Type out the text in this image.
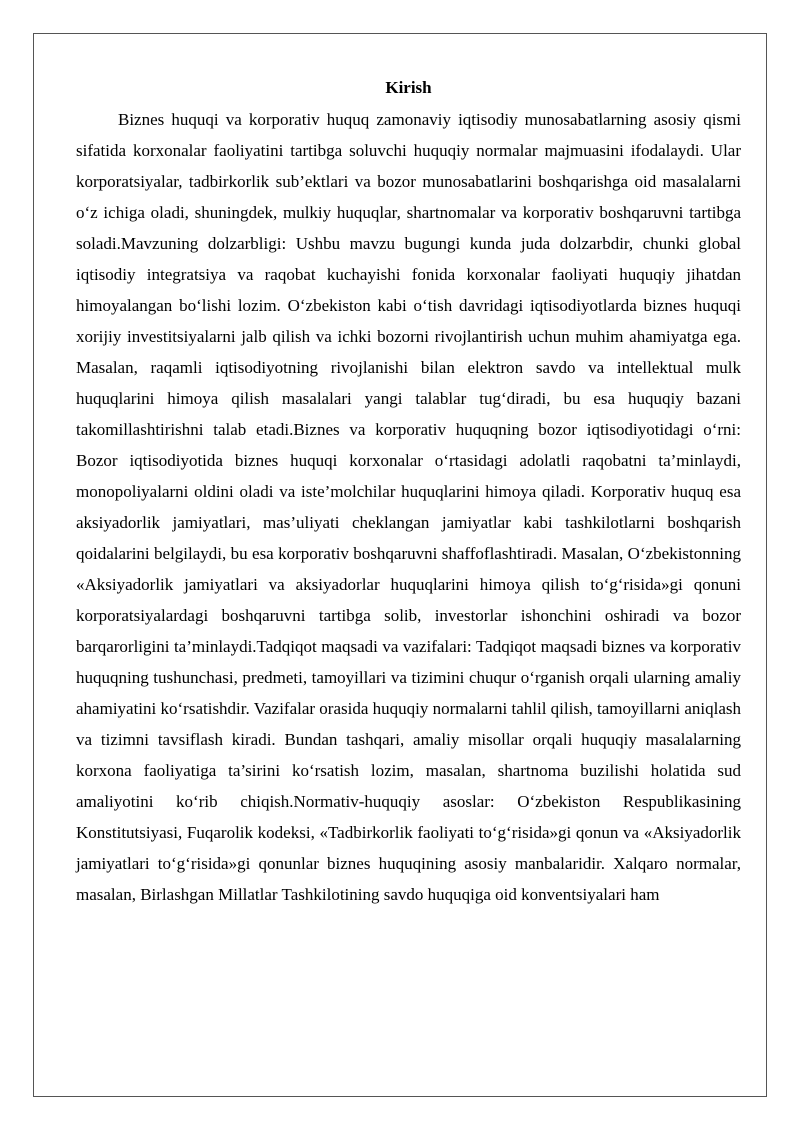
Kirish

Biznes huquqi va korporativ huquq zamonaviy iqtisodiy munosabatlarning asosiy qismi sifatida korxonalar faoliyatini tartibga soluvchi huquqiy normalar majmuasini ifodalaydi. Ular korporatsiyalar, tadbirkorlik sub’ektlari va bozor munosabatlarini boshqarishga oid masalalarni o‘z ichiga oladi, shuningdek, mulkiy huquqlar, shartnomalar va korporativ boshqaruvni tartibga soladi.Mavzuning dolzarbligi: Ushbu mavzu bugungi kunda juda dolzarbdir, chunki global iqtisodiy integratsiya va raqobat kuchayishi fonida korxonalar faoliyati huquqiy jihatdan himoyalangan bo‘lishi lozim. O‘zbekiston kabi o‘tish davridagi iqtisodiyotlarda biznes huquqi xorijiy investitsiyalarni jalb qilish va ichki bozorni rivojlantirish uchun muhim ahamiyatga ega. Masalan, raqamli iqtisodiyotning rivojlanishi bilan elektron savdo va intellektual mulk huquqlarini himoya qilish masalalari yangi talablar tug‘diradi, bu esa huquqiy bazani takomillashtirishni talab etadi.Biznes va korporativ huquqning bozor iqtisodiyotidagi o‘rni: Bozor iqtisodiyotida biznes huquqi korxonalar o‘rtasidagi adolatli raqobatni ta’minlaydi, monopoliyalarni oldini oladi va iste’molchilar huquqlarini himoya qiladi. Korporativ huquq esa aksiyadorlik jamiyatlari, mas’uliyati cheklangan jamiyatlar kabi tashkilotlarni boshqarish qoidalarini belgilaydi, bu esa korporativ boshqaruvni shaffoflashtiradi. Masalan, O‘zbekistonning «Aksiyadorlik jamiyatlari va aksiyadorlar huquqlarini himoya qilish to‘g‘risida»gi qonuni korporatsiyalardagi boshqaruvni tartibga solib, investorlar ishonchini oshiradi va bozor barqarorligini ta’minlaydi.Tadqiqot maqsadi va vazifalari: Tadqiqot maqsadi biznes va korporativ huquqning tushunchasi, predmeti, tamoyillari va tizimini chuqur o‘rganish orqali ularning amaliy ahamiyatini ko‘rsatishdir. Vazifalar orasida huquqiy normalarni tahlil qilish, tamoyillarni aniqlash va tizimni tavsiflash kiradi. Bundan tashqari, amaliy misollar orqali huquqiy masalalarning korxona faoliyatiga ta’sirini ko‘rsatish lozim, masalan, shartnoma buzilishi holatida sud amaliyotini ko‘rib chiqish.Normativ-huquqiy asoslar: O‘zbekiston Respublikasining Konstitutsiyasi, Fuqarolik kodeksi, «Tadbirkorlik faoliyati to‘g‘risida»gi qonun va «Aksiyadorlik jamiyatlari to‘g‘risida»gi qonunlar biznes huquqining asosiy manbalaridir. Xalqaro normalar, masalan, Birlashgan Millatlar Tashkilotining savdo huquqiga oid konventsiyalari ham
